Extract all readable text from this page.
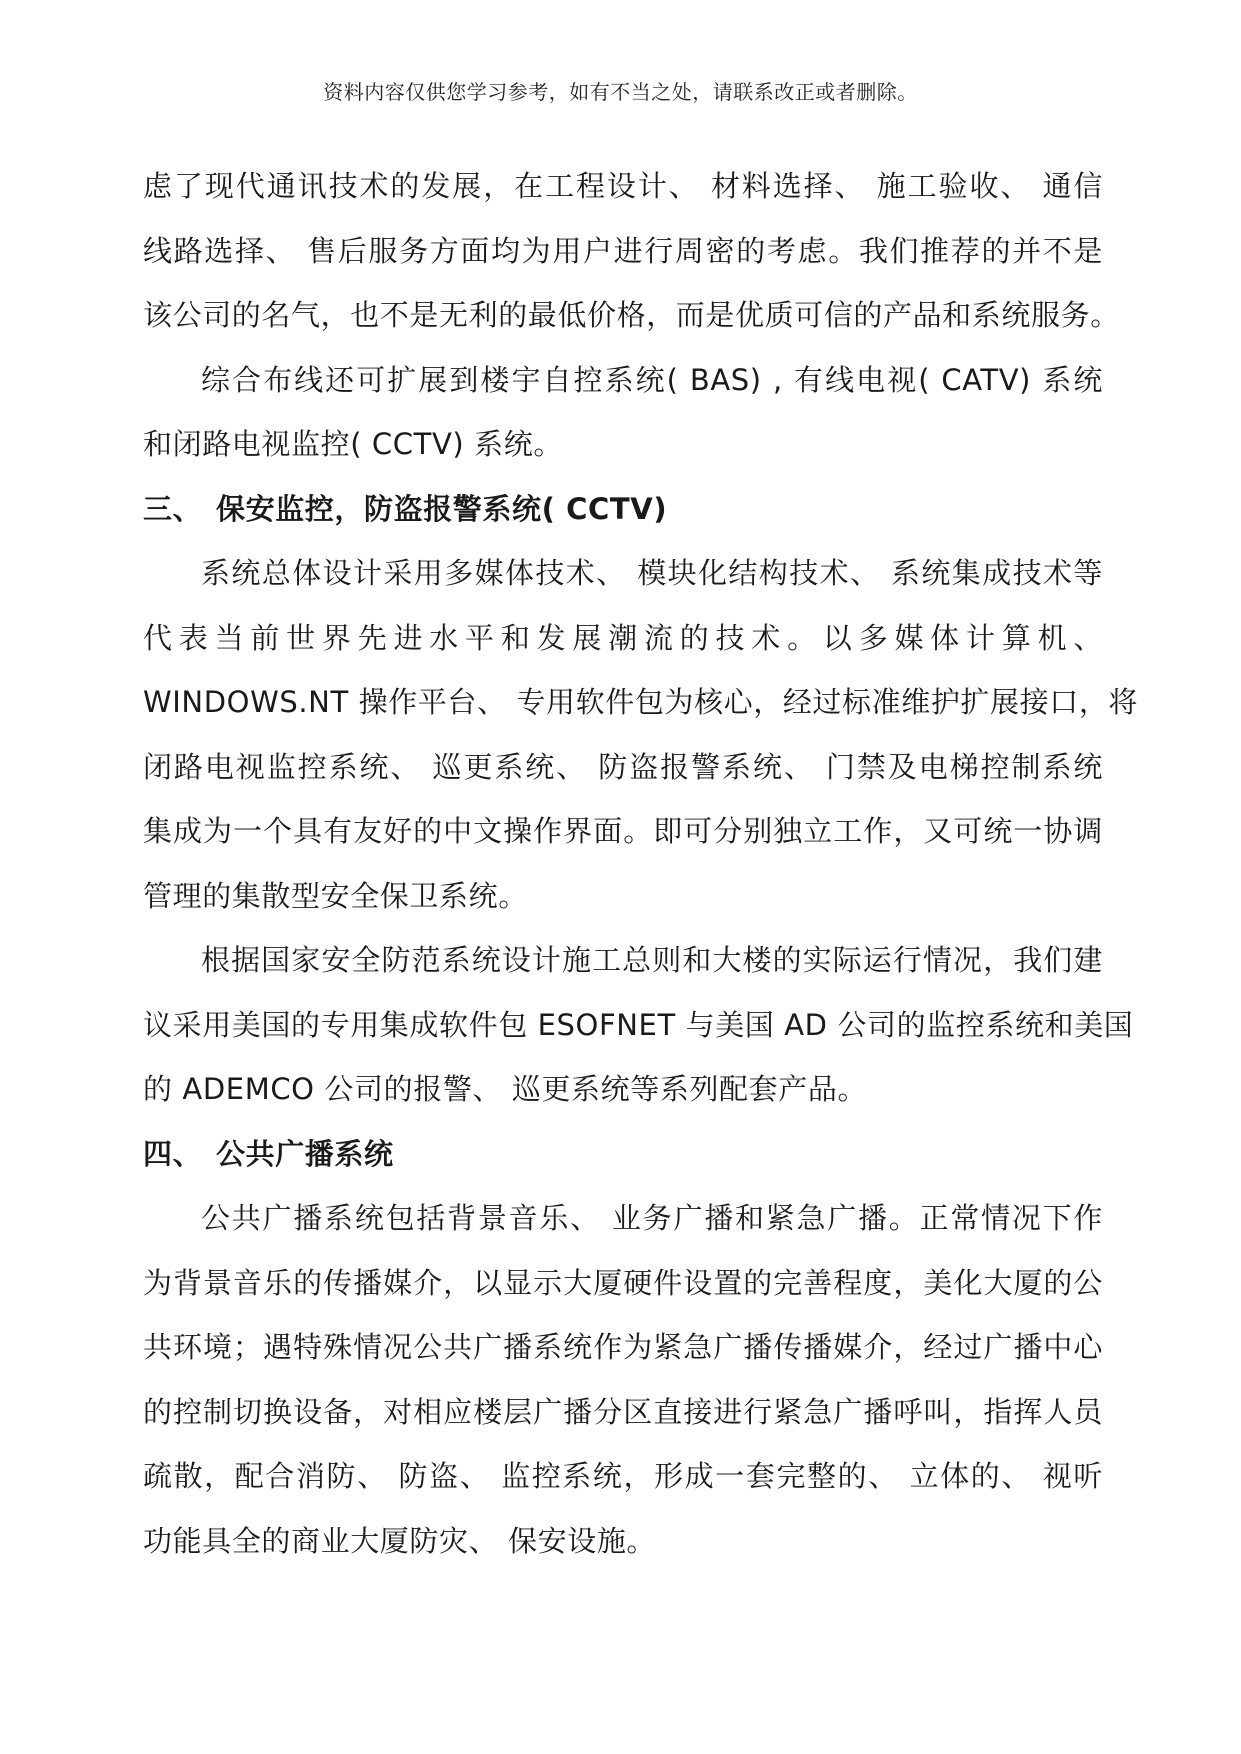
资料内容仅供您学习参考，如有不当之处，请联系改正或者删除。

虑了现代通讯技术的发展，在工程设计、 材料选择、 施工验收、 通信
线路选择、 售后服务方面均为用户进行周密的考虑。我们推荐的并不是
该公司的名气，也不是无利的最低价格，而是优质可信的产品和系统服务。

综合布线还可扩展到楼宇自控系统( BAS) , 有线电视( CATV) 系统
和闭路电视监控( CCTV) 系统。

三、 保安监控，防盗报警系统( CCTV)

系统总体设计采用多媒体技术、 模块化结构技术、 系统集成技术等
代表当前世界先进水平和发展潮流的技术。以多媒体计算机、
WINDOWS.NT 操作平台、 专用软件包为核心，经过标准维护扩展接口，将
闭路电视监控系统、 巡更系统、 防盗报警系统、 门禁及电梯控制系统
集成为一个具有友好的中文操作界面。即可分别独立工作，又可统一协调
管理的集散型安全保卫系统。

根据国家安全防范系统设计施工总则和大楼的实际运行情况，我们建
议采用美国的专用集成软件包 ESOFNET 与美国 AD 公司的监控系统和美国
的 ADEMCO 公司的报警、 巡更系统等系列配套产品。

四、 公共广播系统

公共广播系统包括背景音乐、 业务广播和紧急广播。正常情况下作
为背景音乐的传播媒介，以显示大厦硬件设置的完善程度，美化大厦的公
共环境；遇特殊情况公共广播系统作为紧急广播传播媒介，经过广播中心
的控制切换设备，对相应楼层广播分区直接进行紧急广播呼叫，指挥人员
疏散，配合消防、 防盗、 监控系统，形成一套完整的、 立体的、 视听
功能具全的商业大厦防灾、 保安设施。
